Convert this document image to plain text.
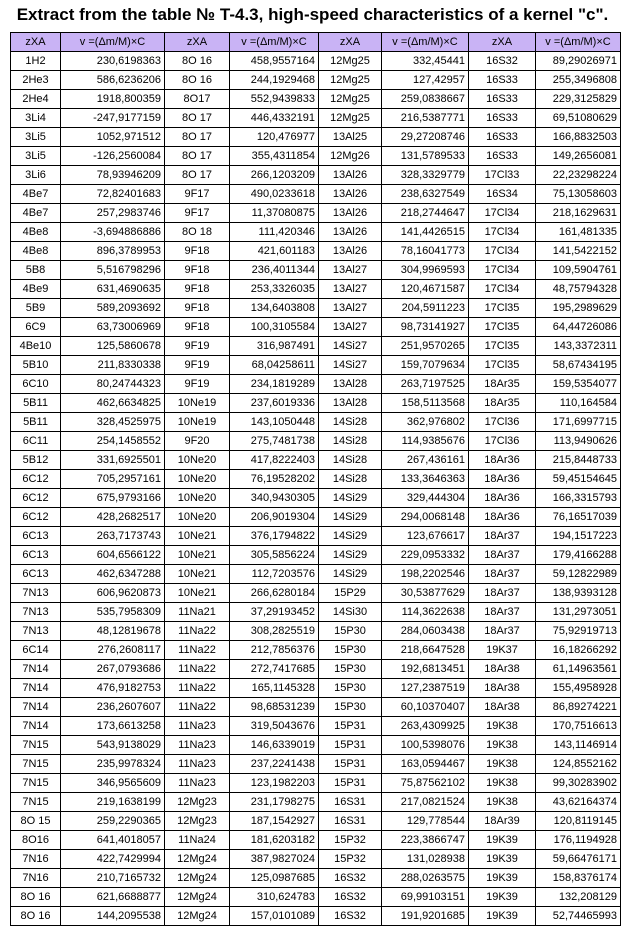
Extract from the table № T-4.3, high-speed characteristics of a kernel "c".
zXA	v =(Δm/M)×C	zXA	v =(Δm/M)×C	zXA	v =(Δm/M)×C	zXA	v =(Δm/M)×C
1H2	230,6198363	8O 16	458,9557164	12Mg25	332,45441	16S32	89,29026971
2He3	586,6236206	8O 16	244,1929468	12Mg25	127,42957	16S33	255,3496808
2He4	1918,800359	8O17	552,9439833	12Mg25	259,0838667	16S33	229,3125829
3Li4	-247,9177159	8O 17	446,4332191	12Mg25	216,5387771	16S33	69,51080629
3Li5	1052,971512	8O 17	120,476977	13Al25	29,27208746	16S33	166,8832503
3Li5	-126,2560084	8O 17	355,4311854	12Mg26	131,5789533	16S33	149,2656081
3Li6	78,93946209	8O 17	266,1203209	13Al26	328,3329779	17Cl33	22,23298224
4Be7	72,82401683	9F17	490,0233618	13Al26	238,6327549	16S34	75,13058603
4Be7	257,2983746	9F17	11,37080875	13Al26	218,2744647	17Cl34	218,1629631
4Be8	-3,694886886	8O 18	111,420346	13Al26	141,4426515	17Cl34	161,481335
4Be8	896,3789953	9F18	421,601183	13Al26	78,16041773	17Cl34	141,5422152
5B8	5,516798296	9F18	236,4011344	13Al27	304,9969593	17Cl34	109,5904761
4Be9	631,4690635	9F18	253,3326035	13Al27	120,4671587	17Cl34	48,75794328
5B9	589,2093692	9F18	134,6403808	13Al27	204,5911223	17Cl35	195,2989629
6C9	63,73006969	9F18	100,3105584	13Al27	98,73141927	17Cl35	64,44726086
4Be10	125,5860678	9F19	316,987491	14Si27	251,9570265	17Cl35	143,3372311
5B10	211,8330338	9F19	68,04258611	14Si27	159,7079634	17Cl35	58,67434195
6C10	80,24744323	9F19	234,1819289	13Al28	263,7197525	18Ar35	159,5354077
5B11	462,6634825	10Ne19	237,6019336	13Al28	158,5113568	18Ar35	110,164584
5B11	328,4525975	10Ne19	143,1050448	14Si28	362,976802	17Cl36	171,6997715
6C11	254,1458552	9F20	275,7481738	14Si28	114,9385676	17Cl36	113,9490626
5B12	331,6925501	10Ne20	417,8222403	14Si28	267,436161	18Ar36	215,8448733
6C12	705,2957161	10Ne20	76,19528202	14Si28	133,3646363	18Ar36	59,45154645
6C12	675,9793166	10Ne20	340,9430305	14Si29	329,444304	18Ar36	166,3315793
6C12	428,2682517	10Ne20	206,9019304	14Si29	294,0068148	18Ar36	76,16517039
6C13	263,7173743	10Ne21	376,1794822	14Si29	123,676617	18Ar37	194,1517223
6C13	604,6566122	10Ne21	305,5856224	14Si29	229,0953332	18Ar37	179,4166288
6C13	462,6347288	10Ne21	112,7203576	14Si29	198,2202546	18Ar37	59,12822989
7N13	606,9620873	10Ne21	266,6280184	15P29	30,53877629	18Ar37	138,9393128
7N13	535,7958309	11Na21	37,29193452	14Si30	114,3622638	18Ar37	131,2973051
7N13	48,12819678	11Na22	308,2825519	15P30	284,0603438	18Ar37	75,92919713
6C14	276,2608117	11Na22	212,7856376	15P30	218,6647528	19K37	16,18266292
7N14	267,0793686	11Na22	272,7417685	15P30	192,6813451	18Ar38	61,14963561
7N14	476,9182753	11Na22	165,1145328	15P30	127,2387519	18Ar38	155,4958928
7N14	236,2607607	11Na22	98,68531239	15P30	60,10370407	18Ar38	86,89274221
7N14	173,6613258	11Na23	319,5043676	15P31	263,4309925	19K38	170,7516613
7N15	543,9138029	11Na23	146,6339019	15P31	100,5398076	19K38	143,1146914
7N15	235,9978324	11Na23	237,2241438	15P31	163,0594467	19K38	124,8552162
7N15	346,9565609	11Na23	123,1982203	15P31	75,87562102	19K38	99,30283902
7N15	219,1638199	12Mg23	231,1798275	16S31	217,0821524	19K38	43,62164374
8O 15	259,2290365	12Mg23	187,1542927	16S31	129,778544	18Ar39	120,8119145
8O16	641,4018057	11Na24	181,6203182	15P32	223,3866747	19K39	176,1194928
7N16	422,7429994	12Mg24	387,9827024	15P32	131,028938	19K39	59,66476171
7N16	210,7165732	12Mg24	125,0987685	16S32	288,0263575	19K39	158,8376174
8O 16	621,6688877	12Mg24	310,624783	16S32	69,99103151	19K39	132,208129
8O 16	144,2095538	12Mg24	157,0101089	16S32	191,9201685	19K39	52,74465993
